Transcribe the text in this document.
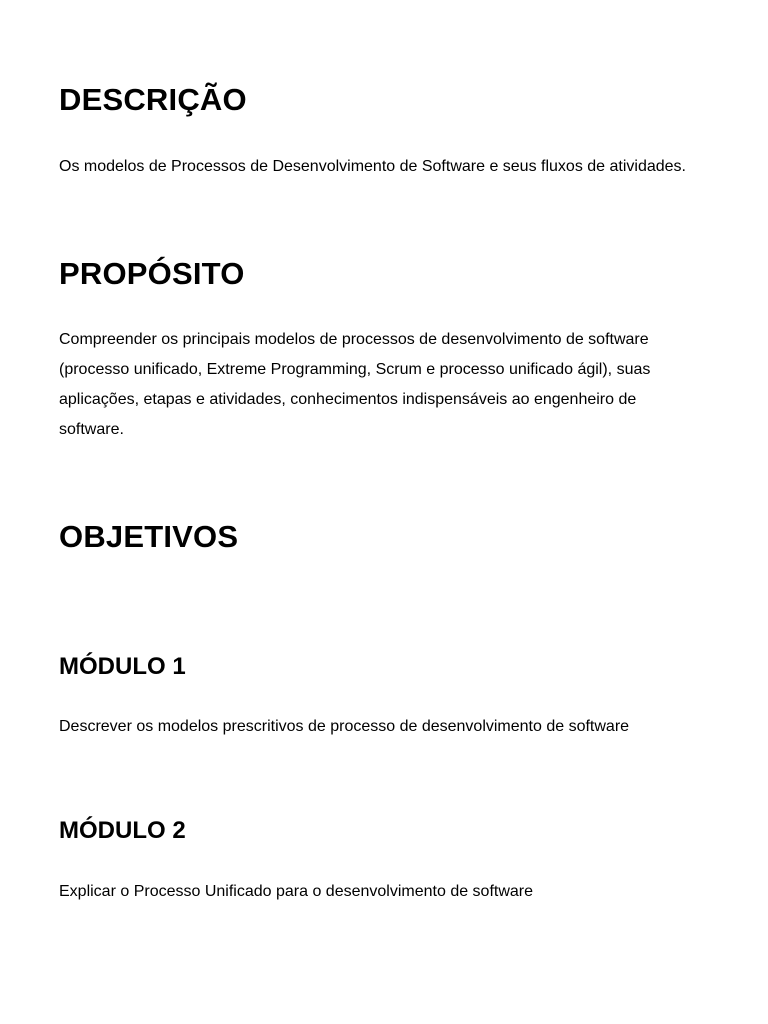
DESCRIÇÃO

Os modelos de Processos de Desenvolvimento de Software e seus fluxos de atividades.

PROPÓSITO

Compreender os principais modelos de processos de desenvolvimento de software (processo unificado, Extreme Programming, Scrum e processo unificado ágil), suas aplicações, etapas e atividades, conhecimentos indispensáveis ao engenheiro de software.

OBJETIVOS
MÓDULO 1

Descrever os modelos prescritivos de processo de desenvolvimento de software

MÓDULO 2

Explicar o Processo Unificado para o desenvolvimento de software
